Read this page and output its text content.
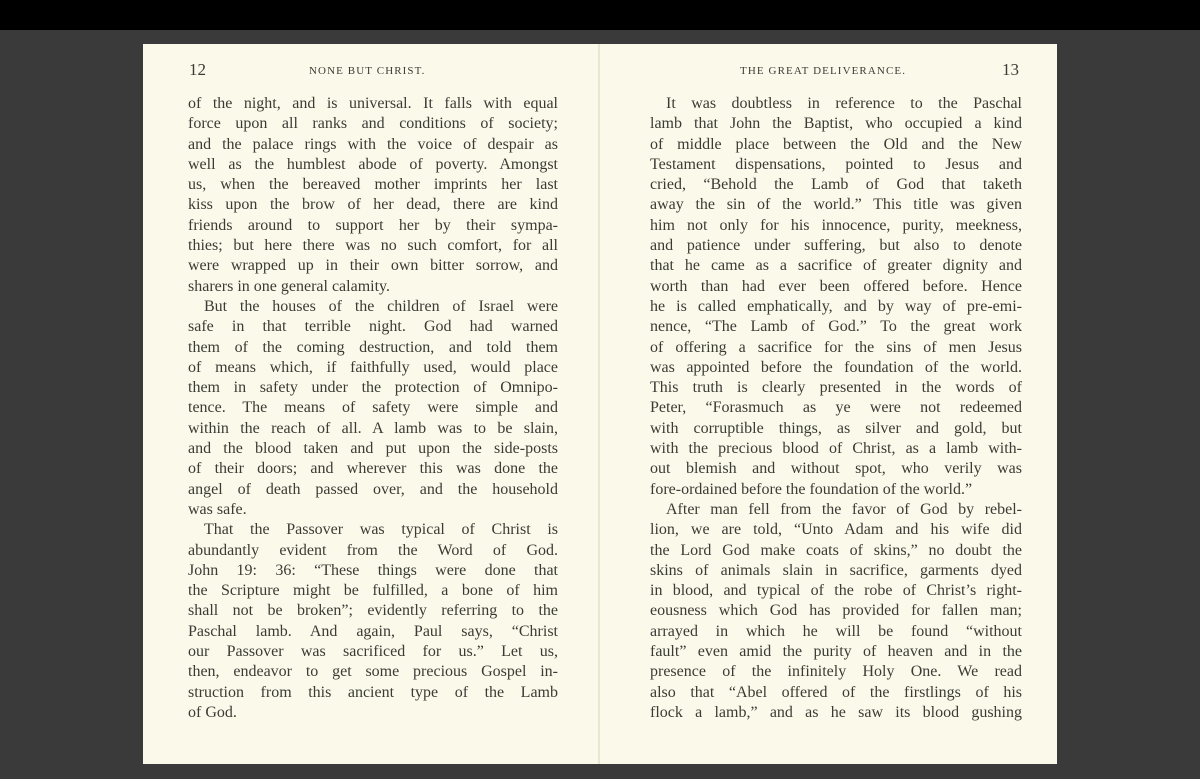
12	NONE BUT CHRIST.
of the night, and is universal. It falls with equal
force upon all ranks and conditions of society;
and the palace rings with the voice of despair as
well as the humblest abode of poverty. Amongst
us, when the bereaved mother imprints her last
kiss upon the brow of her dead, there are kind
friends around to support her by their sympa-
thies; but here there was no such comfort, for all
were wrapped up in their own bitter sorrow, and
sharers in one general calamity.
But the houses of the children of Israel were
safe in that terrible night. God had warned
them of the coming destruction, and told them
of means which, if faithfully used, would place
them in safety under the protection of Omnipo-
tence. The means of safety were simple and
within the reach of all. A lamb was to be slain,
and the blood taken and put upon the side-posts
of their doors; and wherever this was done the
angel of death passed over, and the household
was safe.
That the Passover was typical of Christ is
abundantly evident from the Word of God.
John 19: 36: “These things were done that
the Scripture might be fulfilled, a bone of him
shall not be broken”; evidently referring to the
Paschal lamb. And again, Paul says, “Christ
our Passover was sacrificed for us.” Let us,
then, endeavor to get some precious Gospel in-
struction from this ancient type of the Lamb
of God.
THE GREAT DELIVERANCE.	13
It was doubtless in reference to the Paschal
lamb that John the Baptist, who occupied a kind
of middle place between the Old and the New
Testament dispensations, pointed to Jesus and
cried, “Behold the Lamb of God that taketh
away the sin of the world.” This title was given
him not only for his innocence, purity, meekness,
and patience under suffering, but also to denote
that he came as a sacrifice of greater dignity and
worth than had ever been offered before. Hence
he is called emphatically, and by way of pre-emi-
nence, “The Lamb of God.” To the great work
of offering a sacrifice for the sins of men Jesus
was appointed before the foundation of the world.
This truth is clearly presented in the words of
Peter, “Forasmuch as ye were not redeemed
with corruptible things, as silver and gold, but
with the precious blood of Christ, as a lamb with-
out blemish and without spot, who verily was
fore-ordained before the foundation of the world.”
After man fell from the favor of God by rebel-
lion, we are told, “Unto Adam and his wife did
the Lord God make coats of skins,” no doubt the
skins of animals slain in sacrifice, garments dyed
in blood, and typical of the robe of Christ’s right-
eousness which God has provided for fallen man;
arrayed in which he will be found “without
fault” even amid the purity of heaven and in the
presence of the infinitely Holy One. We read
also that “Abel offered of the firstlings of his
flock a lamb,” and as he saw its blood gushing
